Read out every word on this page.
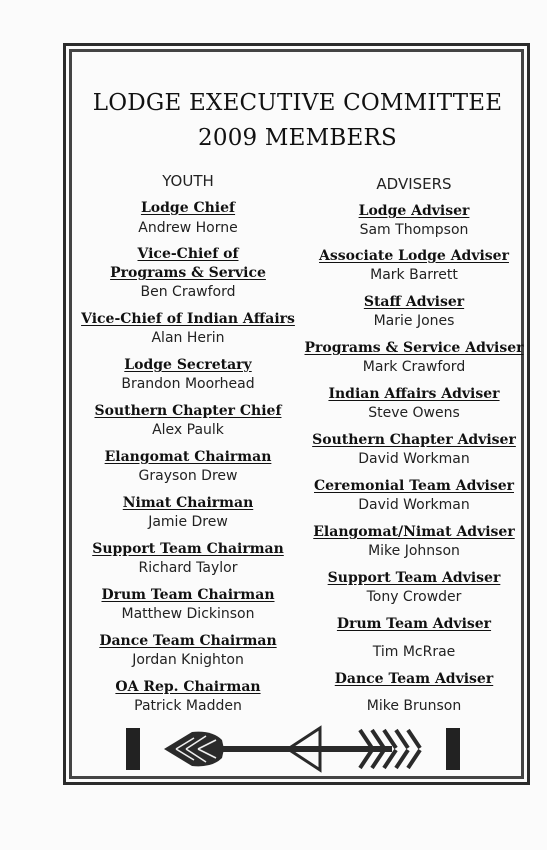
LODGE EXECUTIVE COMMITTEE
2009 MEMBERS
YOUTH	ADVISERS
Lodge Chief
Andrew Horne
Vice-Chief of
Programs & Service
Ben Crawford
Vice-Chief of Indian Affairs
Alan Herin
Lodge Secretary
Brandon Moorhead
Southern Chapter Chief
Alex Paulk
Elangomat Chairman
Grayson Drew
Nimat Chairman
Jamie Drew
Support Team Chairman
Richard Taylor
Drum Team Chairman
Matthew Dickinson
Dance Team Chairman
Jordan Knighton
OA Rep. Chairman
Patrick Madden
Lodge Adviser
Sam Thompson
Associate Lodge Adviser
Mark Barrett
Staff Adviser
Marie Jones
Programs & Service Adviser
Mark Crawford
Indian Affairs Adviser
Steve Owens
Southern Chapter Adviser
David Workman
Ceremonial Team Adviser
David Workman
Elangomat/Nimat Adviser
Mike Johnson
Support Team Adviser
Tony Crowder
Drum Team Adviser
Tim McRrae
Dance Team Adviser
Mike Brunson
